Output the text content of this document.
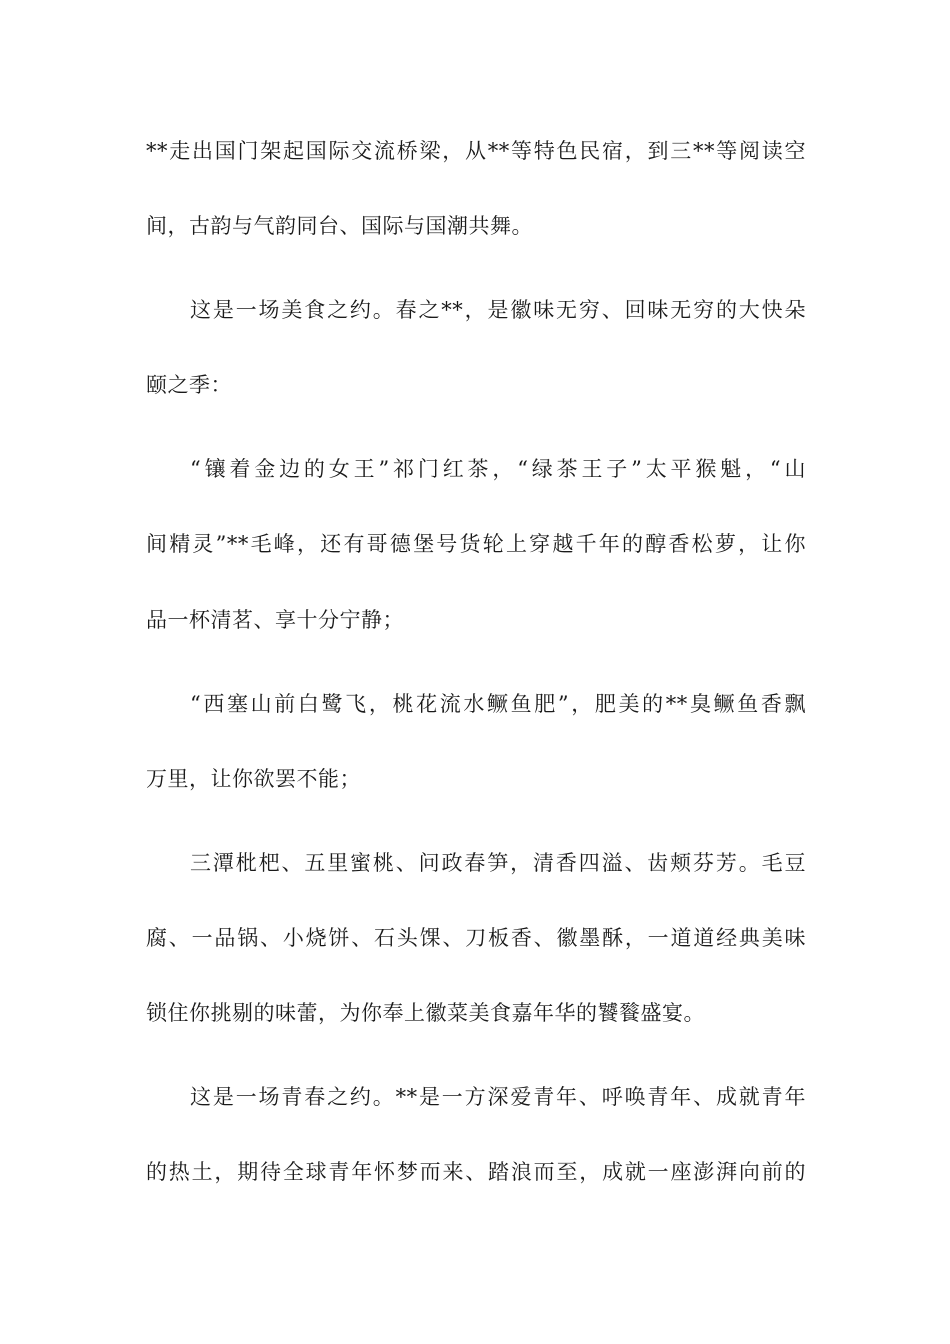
**走出国门架起国际交流桥梁，从**等特色民宿，到三**等阅读空
间，古韵与气韵同台、国际与国潮共舞。
这是一场美食之约。春之**，是徽味无穷、回味无穷的大快朵
颐之季：
“镶着金边的女王”祁门红茶，“绿茶王子”太平猴魁，“山
间精灵”**毛峰，还有哥德堡号货轮上穿越千年的醇香松萝，让你
品一杯清茗、享十分宁静；
“西塞山前白鹭飞，桃花流水鳜鱼肥”，肥美的**臭鳜鱼香飘
万里，让你欲罢不能；
三潭枇杷、五里蜜桃、问政春笋，清香四溢、齿颊芬芳。毛豆
腐、一品锅、小烧饼、石头馃、刀板香、徽墨酥，一道道经典美味
锁住你挑剔的味蕾，为你奉上徽菜美食嘉年华的饕餮盛宴。
这是一场青春之约。**是一方深爱青年、呼唤青年、成就青年
的热土，期待全球青年怀梦而来、踏浪而至，成就一座澎湃向前的
